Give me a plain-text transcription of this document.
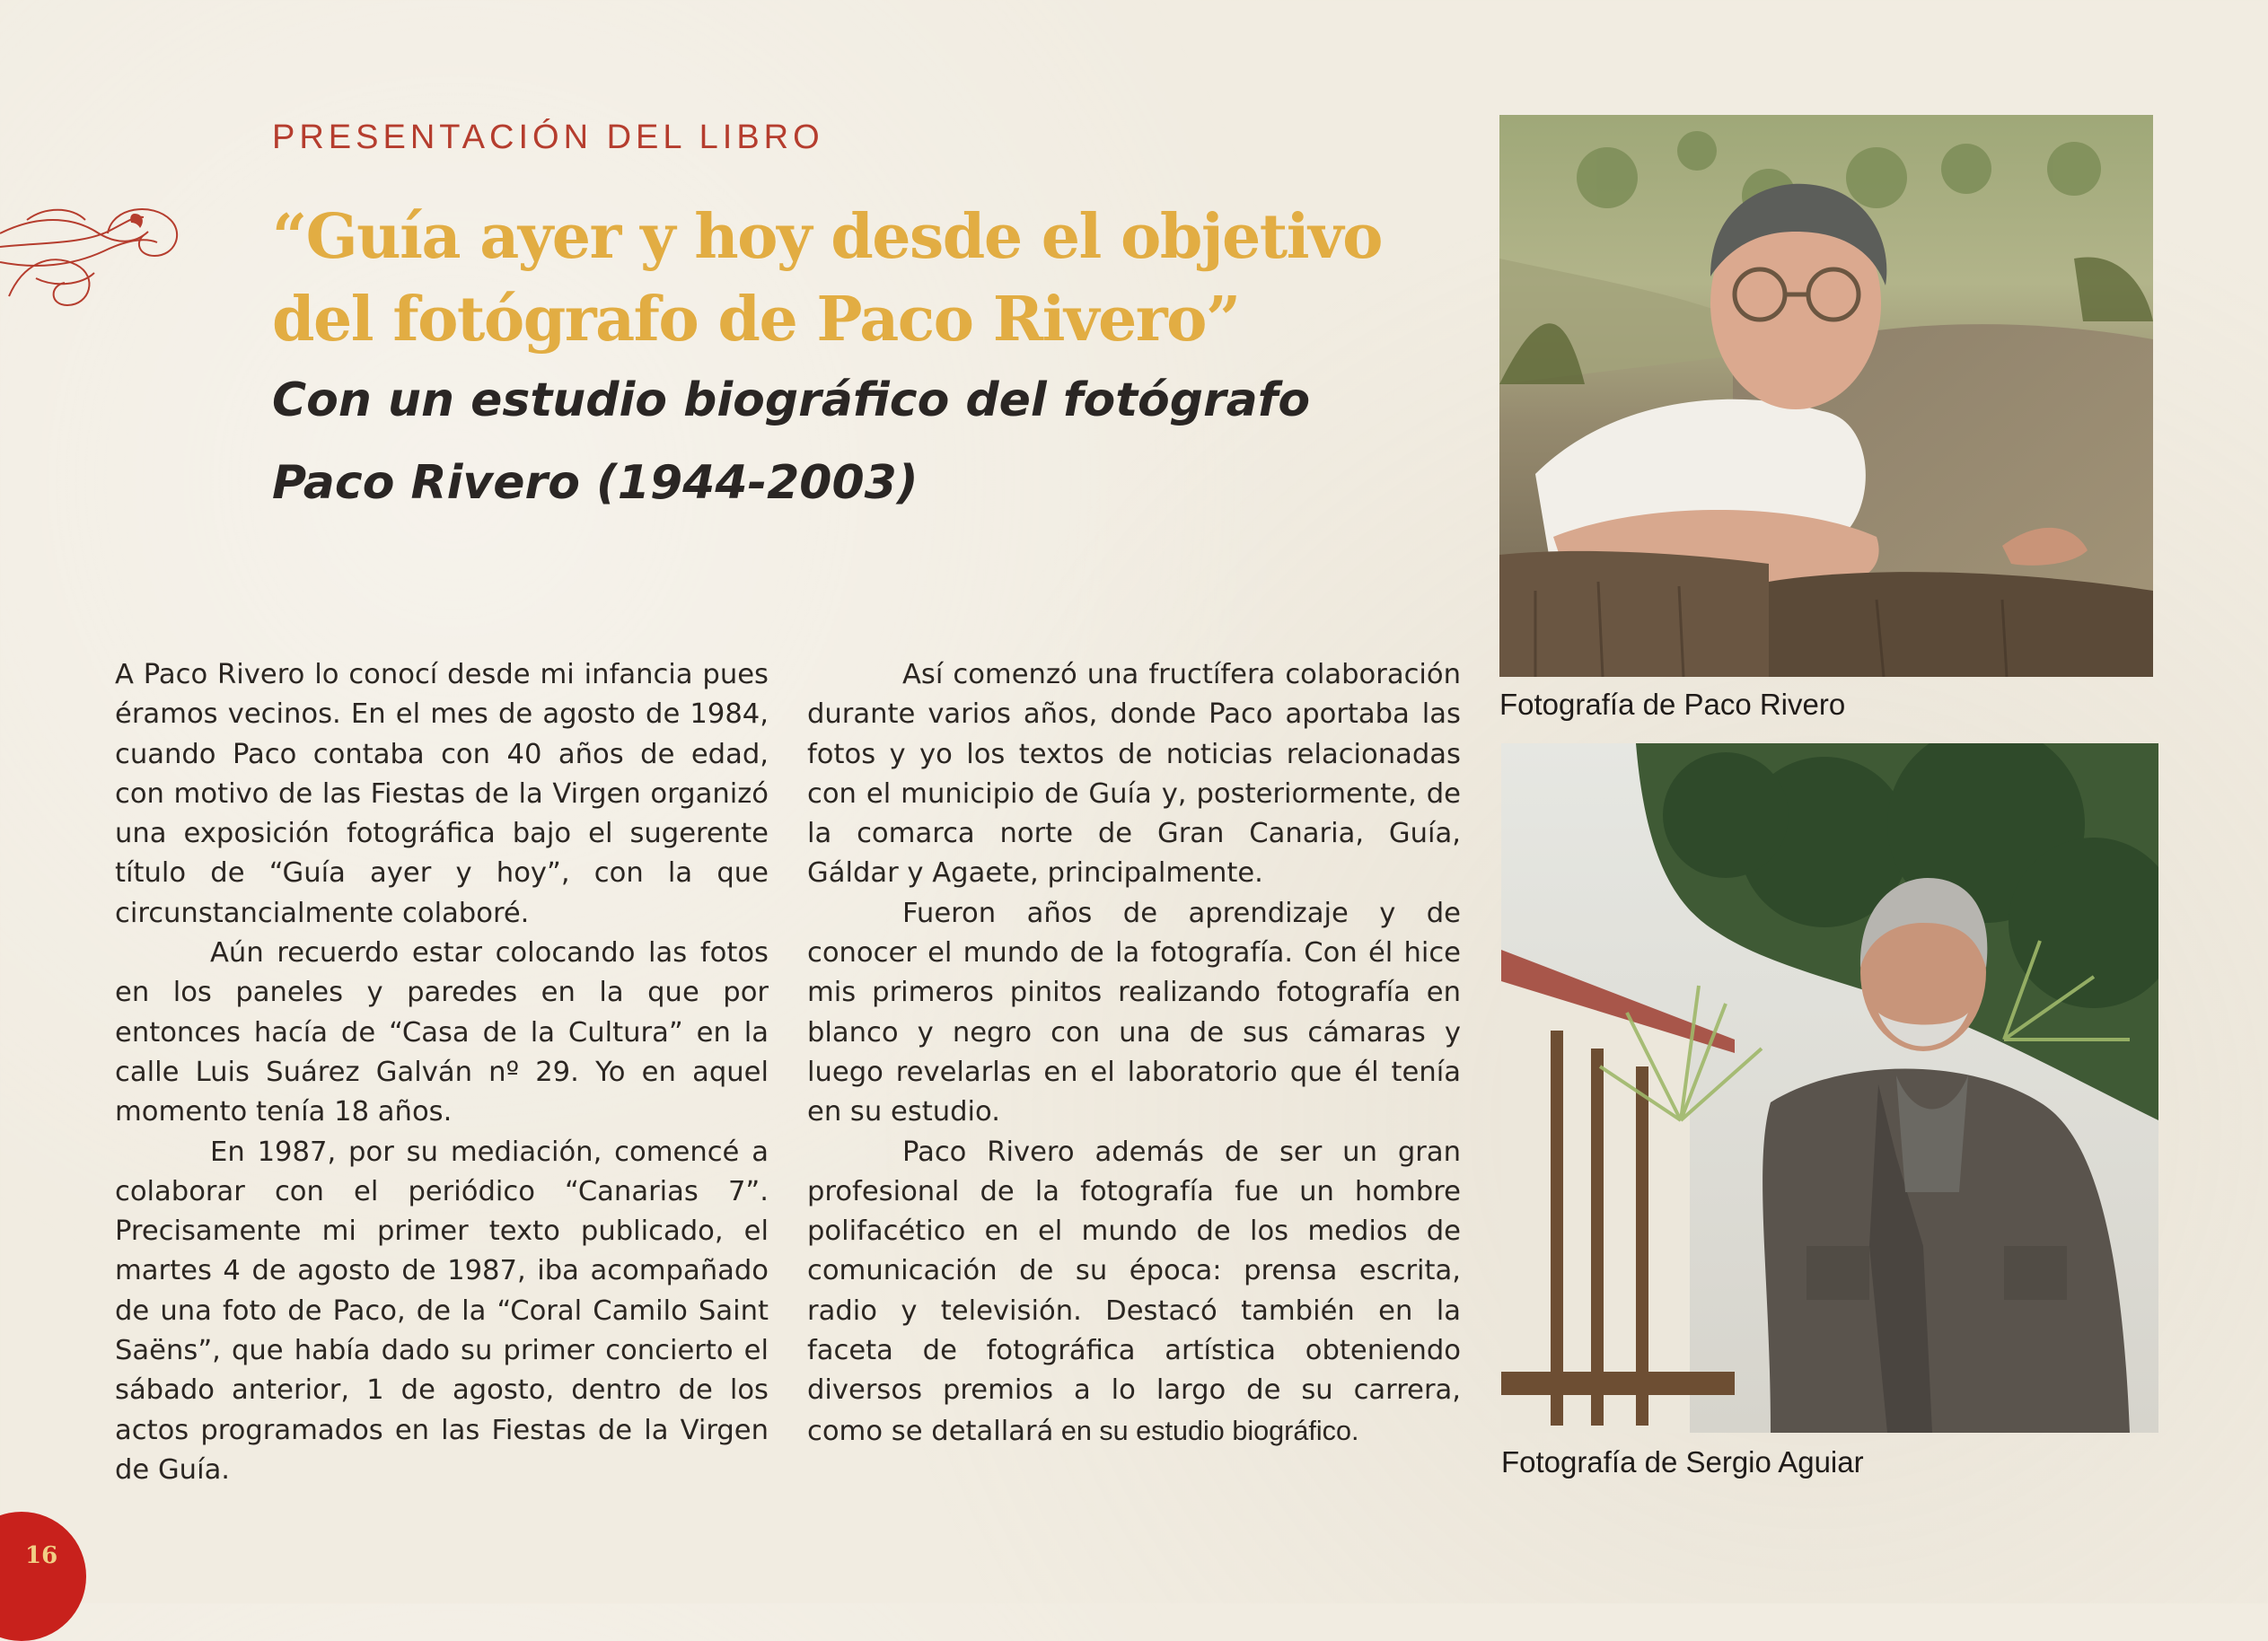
PRESENTACIÓN DEL LIBRO
“Guía ayer y hoy desde el objetivo
del fotógrafo de Paco Rivero”
Con un estudio biográfico del fotógrafo
Paco Rivero (1944-2003)

A Paco Rivero lo conocí desde mi infancia pues éramos vecinos. En el mes de agosto de 1984, cuando Paco contaba con 40 años de edad, con motivo de las Fiestas de la Virgen organizó una exposición fotográfica bajo el sugerente título de “Guía ayer y hoy”, con la que circunstancialmente colaboré.

Aún recuerdo estar colocando las fotos en los paneles y paredes en la que por entonces hacía de “Casa de la Cultura” en la calle Luis Suárez Galván nº 29. Yo en aquel momento tenía 18 años.

En 1987, por su mediación, comencé a colaborar con el periódico “Canarias 7”. Precisamente mi primer texto publicado, el martes 4 de agosto de 1987, iba acompañado de una foto de Paco, de la “Coral Camilo Saint Saëns”, que había dado su primer concierto el sábado anterior, 1 de agosto, dentro de los actos programados en las Fiestas de la Virgen de Guía.

Así comenzó una fructífera colaboración durante varios años, donde Paco aportaba las fotos y yo los textos de noticias relacionadas con el municipio de Guía y, posteriormente, de la comarca norte de Gran Canaria, Guía, Gáldar y Agaete, principalmente.

Fueron años de aprendizaje y de conocer el mundo de la fotografía. Con él hice mis primeros pinitos realizando fotografía en blanco y negro con una de sus cámaras y luego revelarlas en el laboratorio que él tenía en su estudio.

Paco Rivero además de ser un gran profesional de la fotografía fue un hombre polifacético en el mundo de los medios de comunicación de su época: prensa escrita, radio y televisión. Destacó también en la faceta de fotográfica artística obteniendo diversos premios a lo largo de su carrera, como se detallará en su estudio biográfico.

Fotografía de Paco Rivero
Fotografía de Sergio Aguiar
16
